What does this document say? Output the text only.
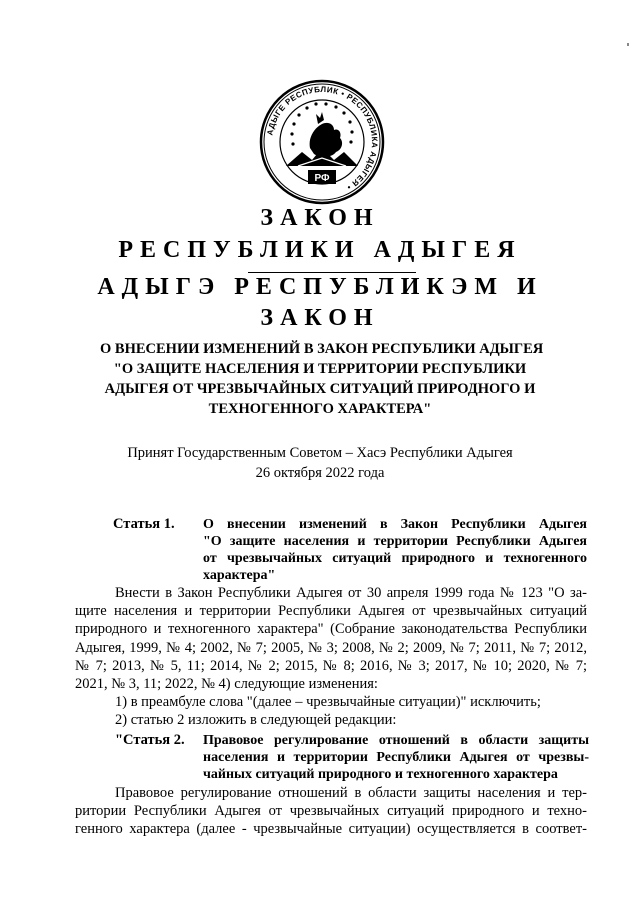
АДЫГЕ РЕСПУБЛИК • РЕСПУБЛИКА АДЫГЕЯ •
РФ
ЗАКОН
РЕСПУБЛИКИ АДЫГЕЯ
АДЫГЭ РЕСПУБЛИКЭМ И
ЗАКОН
О ВНЕСЕНИИ ИЗМЕНЕНИЙ В ЗАКОН РЕСПУБЛИКИ АДЫГЕЯ
"О ЗАЩИТЕ НАСЕЛЕНИЯ И ТЕРРИТОРИИ РЕСПУБЛИКИ
АДЫГЕЯ ОТ ЧРЕЗВЫЧАЙНЫХ СИТУАЦИЙ ПРИРОДНОГО И
ТЕХНОГЕННОГО ХАРАКТЕРА"
Принят Государственным Советом – Хасэ Республики Адыгея
26 октября 2022 года
Статья 1. О внесении изменений в Закон Республики Адыгея
"О защите населения и территории Республики Адыгея
от чрезвычайных ситуаций природного и техногенного
характера"
Внести в Закон Республики Адыгея от 30 апреля 1999 года № 123 "О за-
щите населения и территории Республики Адыгея от чрезвычайных ситуаций
природного и техногенного характера" (Собрание законодательства Республики
Адыгея, 1999, № 4; 2002, № 7; 2005, № 3; 2008, № 2; 2009, № 7; 2011, № 7; 2012,
№ 7; 2013, № 5, 11; 2014, № 2; 2015, № 8; 2016, № 3; 2017, № 10; 2020, № 7;
2021, № 3, 11; 2022, № 4) следующие изменения:
1) в преамбуле слова "(далее – чрезвычайные ситуации)" исключить;
2) статью 2 изложить в следующей редакции:
"Статья 2. Правовое регулирование отношений в области защиты
населения и территории Республики Адыгея от чрезвы-
чайных ситуаций природного и техногенного характера
Правовое регулирование отношений в области защиты населения и тер-
ритории Республики Адыгея от чрезвычайных ситуаций природного и техно-
генного характера (далее - чрезвычайные ситуации) осуществляется в соответ-
